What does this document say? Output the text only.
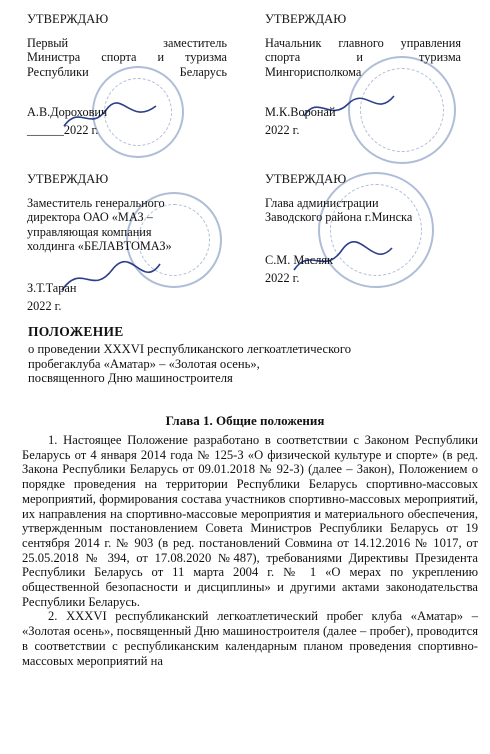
УТВЕРЖДАЮ
Первый заместитель
Министра спорта и туризма
Республики Беларусь
А.В.Дорохович
______2022 г.
УТВЕРЖДАЮ
Начальник главного управления
спорта и туризма
Мингорисполкома
М.К.Воронай
2022 г.
УТВЕРЖДАЮ
Заместитель генерального
директора ОАО «МАЗ –
управляющая компания
холдинга «БЕЛАВТОМАЗ»
З.Т.Таран
2022 г.
УТВЕРЖДАЮ
Глава администрации
Заводского района г.Минска
С.М. Масляк
2022 г.
ПОЛОЖЕНИЕ
о проведении XXXVI республиканского легкоатлетического
пробегаклуба «Аматар» – «Золотая осень»,
посвященного Дню машиностроителя
Глава 1. Общие положения

1. Настоящее Положение разработано в соответствии с Законом Республики Беларусь от 4 января 2014 года № 125-З «О физической культуре и спорте» (в ред. Закона Республики Беларусь от 09.01.2018 № 92-З) (далее – Закон), Положением о порядке проведения на территории Республики Беларусь спортивно-массовых мероприятий, формирования состава участников спортивно-массовых мероприятий, их направления на спортивно-массовые мероприятия и материального обеспечения, утвержденным постановлением Совета Министров Республики Беларусь от 19 сентября 2014 г. № 903 (в ред. постановлений Совмина от 14.12.2016 № 1017, от 25.05.2018 № 394, от 17.08.2020 №487), требованиями Директивы Президента Республики Беларусь от 11 марта 2004 г. № 1 «О мерах по укреплению общественной безопасности и дисциплины» и другими актами законодательства Республики Беларусь.

2. XXXVI республиканский легкоатлетический пробег клуба «Аматар» – «Золотая осень», посвященный Дню машиностроителя (далее – пробег), проводится в соответствии с республиканским календарным планом проведения спортивно-массовых мероприятий на
